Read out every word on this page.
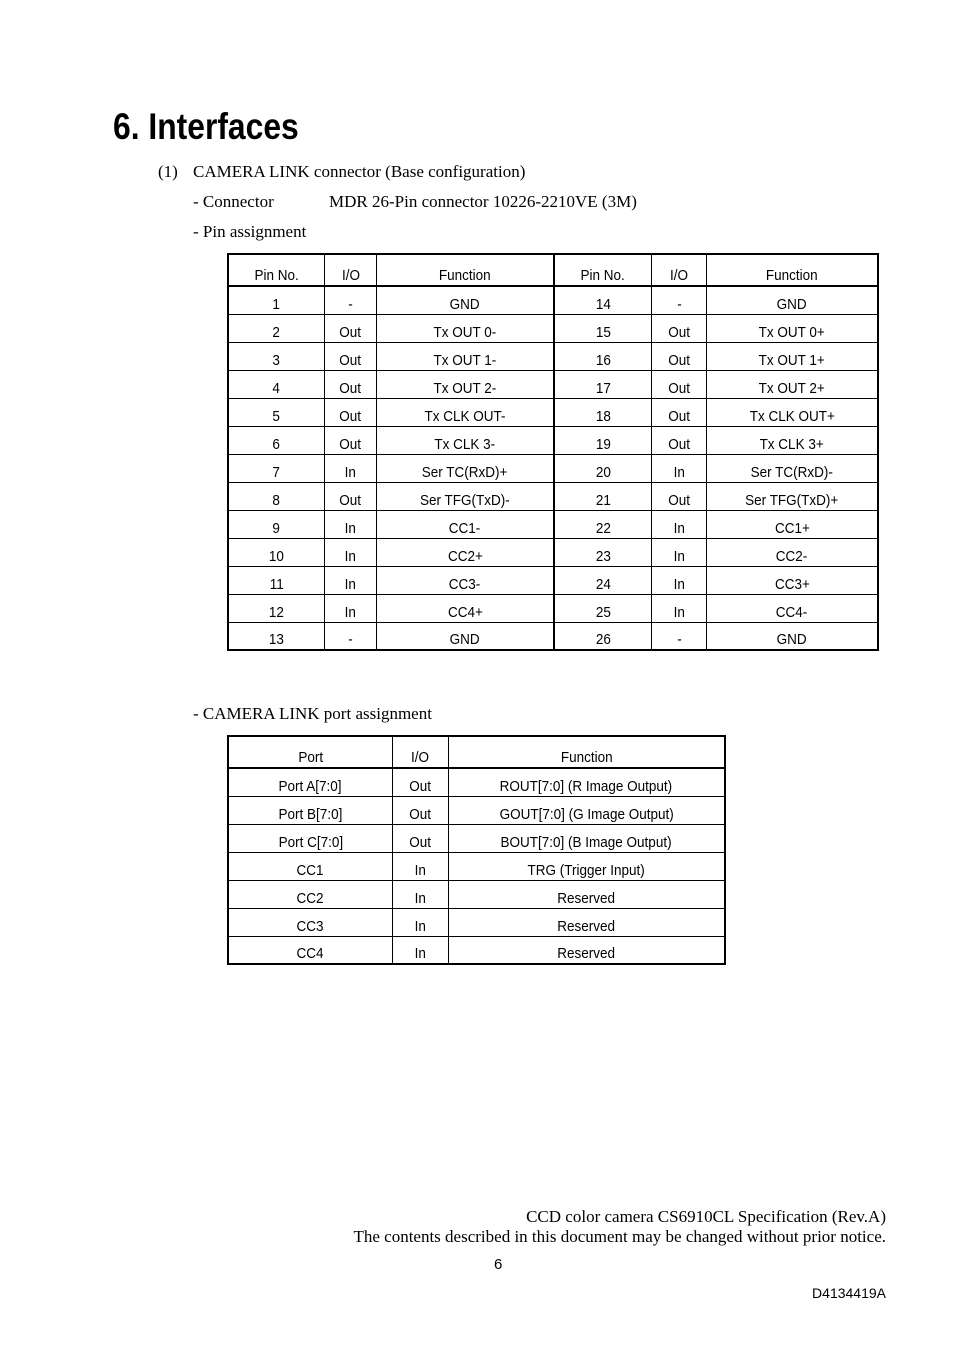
6. Interfaces
(1) CAMERA LINK connector (Base configuration)
- Connector	MDR 26-Pin connector 10226-2210VE (3M)
- Pin assignment
Pin No.	I/O	Function	Pin No.	I/O	Function
1	-	GND	14	-	GND
2	Out	Tx OUT 0-	15	Out	Tx OUT 0+
3	Out	Tx OUT 1-	16	Out	Tx OUT 1+
4	Out	Tx OUT 2-	17	Out	Tx OUT 2+
5	Out	Tx CLK OUT-	18	Out	Tx CLK OUT+
6	Out	Tx CLK 3-	19	Out	Tx CLK 3+
7	In	Ser TC(RxD)+	20	In	Ser TC(RxD)-
8	Out	Ser TFG(TxD)-	21	Out	Ser TFG(TxD)+
9	In	CC1-	22	In	CC1+
10	In	CC2+	23	In	CC2-
11	In	CC3-	24	In	CC3+
12	In	CC4+	25	In	CC4-
13	-	GND	26	-	GND
- CAMERA LINK port assignment
Port	I/O	Function
Port A[7:0]	Out	ROUT[7:0] (R Image Output)
Port B[7:0]	Out	GOUT[7:0] (G Image Output)
Port C[7:0]	Out	BOUT[7:0] (B Image Output)
CC1	In	TRG (Trigger Input)
CC2	In	Reserved
CC3	In	Reserved
CC4	In	Reserved
CCD color camera CS6910CL Specification (Rev.A)
The contents described in this document may be changed without prior notice.
6
D4134419A
